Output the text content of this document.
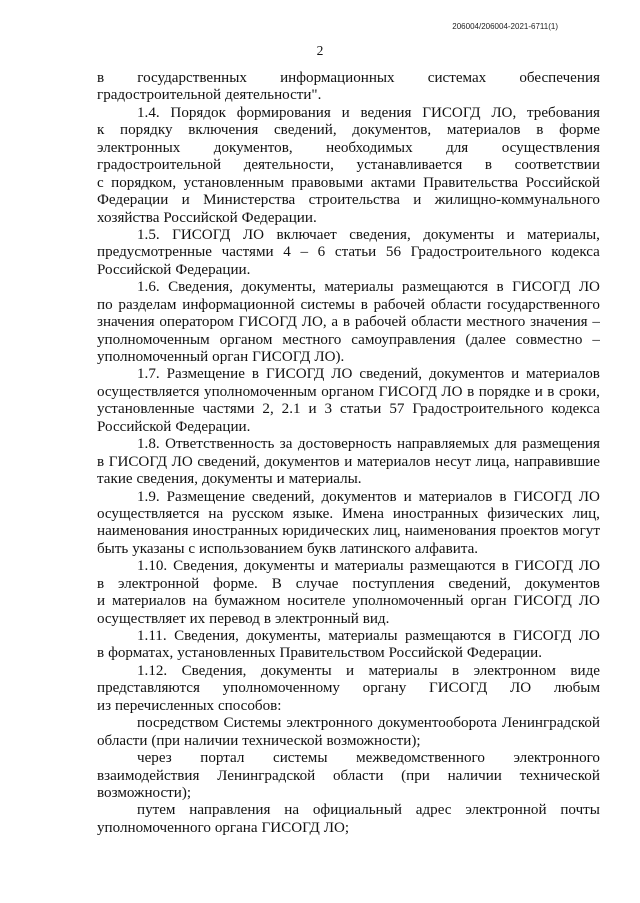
206004/206004-2021-6711(1)
2
в государственных информационных системах обеспечения
градостроительной деятельности".
1.4. Порядок формирования и ведения ГИСОГД ЛО, требования
к порядку включения сведений, документов, материалов в форме
электронных документов, необходимых для осуществления
градостроительной деятельности, устанавливается в соответствии
с порядком, установленным правовыми актами Правительства Российской
Федерации и Министерства строительства и жилищно-коммунального
хозяйства Российской Федерации.
1.5. ГИСОГД ЛО включает сведения, документы и материалы,
предусмотренные частями 4 – 6 статьи 56 Градостроительного кодекса
Российской Федерации.
1.6. Сведения, документы, материалы размещаются в ГИСОГД ЛО
по разделам информационной системы в рабочей области государственного
значения оператором ГИСОГД ЛО, а в рабочей области местного значения –
уполномоченным органом местного самоуправления (далее совместно –
уполномоченный орган ГИСОГД ЛО).
1.7. Размещение в ГИСОГД ЛО сведений, документов и материалов
осуществляется уполномоченным органом ГИСОГД ЛО в порядке и в сроки,
установленные частями 2, 2.1 и 3 статьи 57 Градостроительного кодекса
Российской Федерации.
1.8. Ответственность за достоверность направляемых для размещения
в ГИСОГД ЛО сведений, документов и материалов несут лица, направившие
такие сведения, документы и материалы.
1.9. Размещение сведений, документов и материалов в ГИСОГД ЛО
осуществляется на русском языке. Имена иностранных физических лиц,
наименования иностранных юридических лиц, наименования проектов могут
быть указаны с использованием букв латинского алфавита.
1.10. Сведения, документы и материалы размещаются в ГИСОГД ЛО
в электронной форме. В случае поступления сведений, документов
и материалов на бумажном носителе уполномоченный орган ГИСОГД ЛО
осуществляет их перевод в электронный вид.
1.11. Сведения, документы, материалы размещаются в ГИСОГД ЛО
в форматах, установленных Правительством Российской Федерации.
1.12. Сведения, документы и материалы в электронном виде
представляются уполномоченному органу ГИСОГД ЛО любым
из перечисленных способов:
посредством Системы электронного документооборота Ленинградской
области (при наличии технической возможности);
через портал системы межведомственного электронного
взаимодействия Ленинградской области (при наличии технической
возможности);
путем направления на официальный адрес электронной почты
уполномоченного органа ГИСОГД ЛО;
